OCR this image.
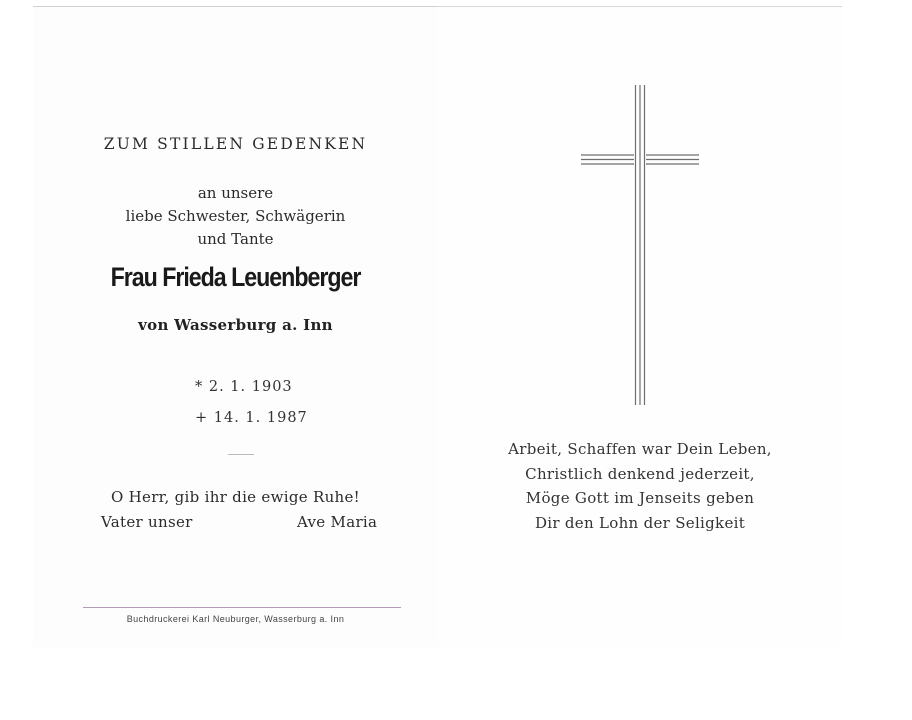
ZUM STILLEN GEDENKEN
an unsere
liebe Schwester, Schwägerin
und Tante
Frau Frieda Leuenberger
von Wasserburg a. Inn
* 2. 1. 1903
+ 14. 1. 1987
O Herr, gib ihr die ewige Ruhe!
Vater unser	Ave Maria
Buchdruckerei Karl Neuburger, Wasserburg a. Inn
Arbeit, Schaffen war Dein Leben,
Christlich denkend jederzeit,
Möge Gott im Jenseits geben
Dir den Lohn der Seligkeit
